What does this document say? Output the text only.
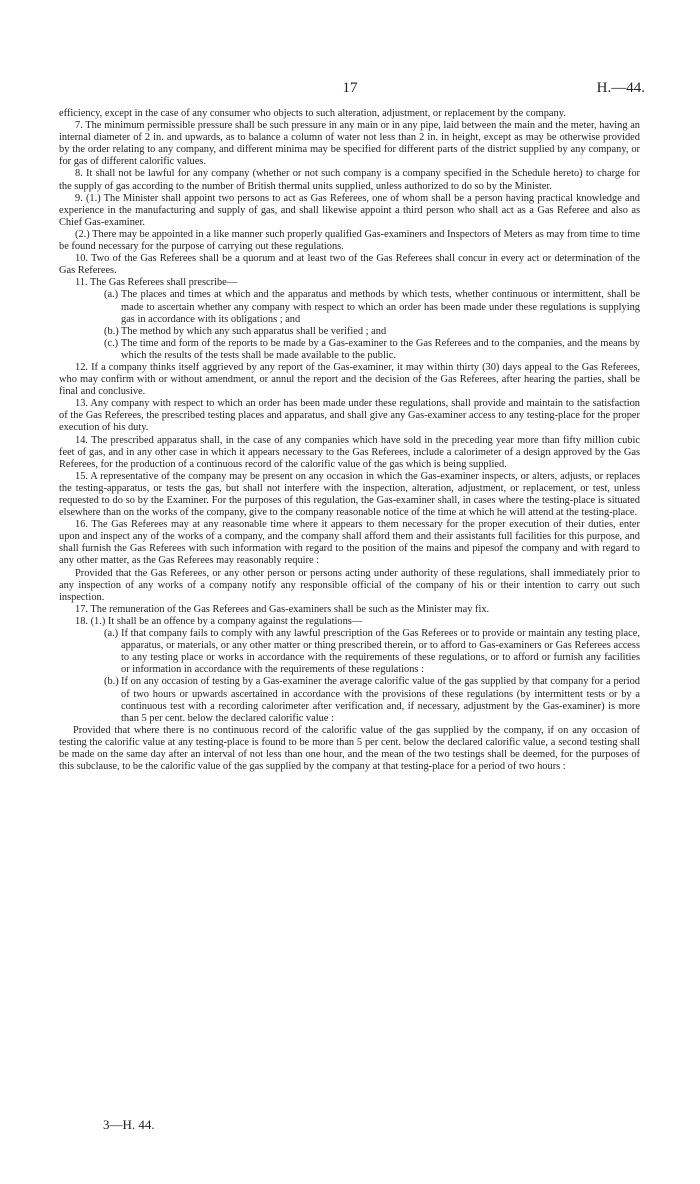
17	H.—44.

efficiency, except in the case of any consumer who objects to such alteration, adjustment, or replacement by the company.

7. The minimum permissible pressure shall be such pressure in any main or in any pipe, laid between the main and the meter, having an internal diameter of 2 in. and upwards, as to balance a column of water not less than 2 in. in height, except as may be otherwise provided by the order relating to any company, and different minima may be specified for different parts of the district supplied by any company, or for gas of different calorific values.

8. It shall not be lawful for any company (whether or not such company is a company specified in the Schedule hereto) to charge for the supply of gas according to the number of British thermal units supplied, unless authorized to do so by the Minister.

9. (1.) The Minister shall appoint two persons to act as Gas Referees, one of whom shall be a person having practical knowledge and experience in the manufacturing and supply of gas, and shall likewise appoint a third person who shall act as a Gas Referee and also as Chief Gas-examiner.

(2.) There may be appointed in a like manner such properly qualified Gas-examiners and Inspectors of Meters as may from time to time be found necessary for the purpose of carrying out these regulations.

10. Two of the Gas Referees shall be a quorum and at least two of the Gas Referees shall concur in every act or determination of the Gas Referees.

11. The Gas Referees shall prescribe—

(a.) The places and times at which and the apparatus and methods by which tests, whether continuous or intermittent, shall be made to ascertain whether any company with respect to which an order has been made under these regulations is supplying gas in accordance with its obligations ; and
(b.) The method by which any such apparatus shall be verified ; and
(c.) The time and form of the reports to be made by a Gas-examiner to the Gas Referees and to the companies, and the means by which the results of the tests shall be made available to the public.

12. If a company thinks itself aggrieved by any report of the Gas-examiner, it may within thirty (30) days appeal to the Gas Referees, who may confirm with or without amendment, or annul the report and the decision of the Gas Referees, after hearing the parties, shall be final and conclusive.

13. Any company with respect to which an order has been made under these regulations, shall provide and maintain to the satisfaction of the Gas Referees, the prescribed testing places and apparatus, and shall give any Gas-examiner access to any testing-place for the proper execution of his duty.

14. The prescribed apparatus shall, in the case of any companies which have sold in the preceding year more than fifty million cubic feet of gas, and in any other case in which it appears necessary to the Gas Referees, include a calorimeter of a design approved by the Gas Referees, for the production of a continuous record of the calorific value of the gas which is being supplied.

15. A representative of the company may be present on any occasion in which the Gas-examiner inspects, or alters, adjusts, or replaces the testing-apparatus, or tests the gas, but shall not interfere with the inspection, alteration, adjustment, or replacement, or test, unless requested to do so by the Examiner. For the purposes of this regulation, the Gas-examiner shall, in cases where the testing-place is situated elsewhere than on the works of the company, give to the company reasonable notice of the time at which he will attend at the testing-place.

16. The Gas Referees may at any reasonable time where it appears to them necessary for the proper execution of their duties, enter upon and inspect any of the works of a company, and the company shall afford them and their assistants full facilities for this purpose, and shall furnish the Gas Referees with such information with regard to the position of the mains and pipesof the company and with regard to any other matter, as the Gas Referees may reasonably require :

Provided that the Gas Referees, or any other person or persons acting under authority of these regulations, shall immediately prior to any inspection of any works of a company notify any responsible official of the company of his or their intention to carry out such inspection.

17. The remuneration of the Gas Referees and Gas-examiners shall be such as the Minister may fix.

18. (1.) It shall be an offence by a company against the regulations—

(a.) If that company fails to comply with any lawful prescription of the Gas Referees or to provide or maintain any testing place, apparatus, or materials, or any other matter or thing prescribed therein, or to afford to Gas-examiners or Gas Referees access to any testing place or works in accordance with the requirements of these regulations, or to afford or furnish any facilities or information in accordance with the requirements of these regulations :
(b.) If on any occasion of testing by a Gas-examiner the average calorific value of the gas supplied by that company for a period of two hours or upwards ascertained in accordance with the provisions of these regulations (by intermittent tests or by a continuous test with a recording calorimeter after verification and, if necessary, adjustment by the Gas-examiner) is more than 5 per cent. below the declared calorific value :

Provided that where there is no continuous record of the calorific value of the gas supplied by the company, if on any occasion of testing the calorific value at any testing-place is found to be more than 5 per cent. below the declared calorific value, a second testing shall be made on the same day after an interval of not less than one hour, and the mean of the two testings shall be deemed, for the purposes of this subclause, to be the calorific value of the gas supplied by the company at that testing-place for a period of two hours :

3—H. 44.
